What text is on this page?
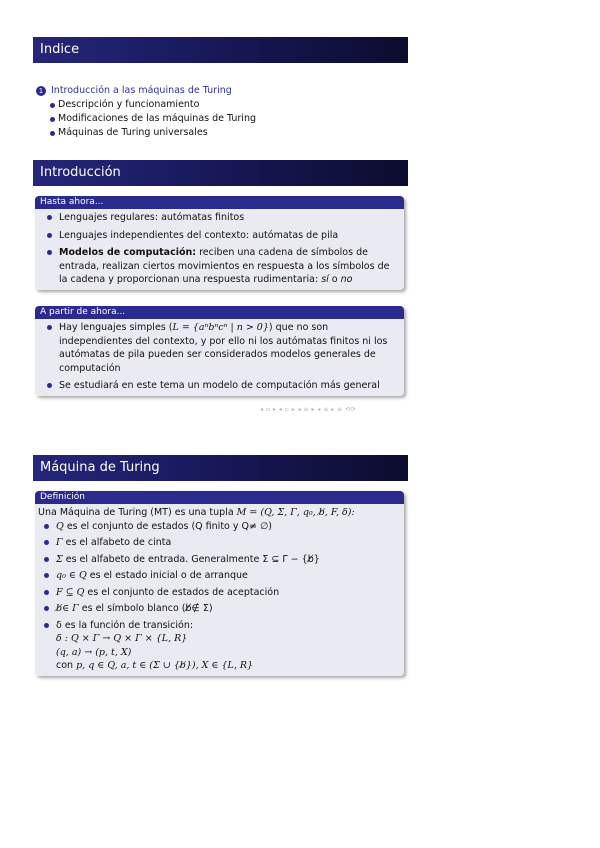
Indice
1 Introducción a las máquinas de Turing
Descripción y funcionamiento
Modificaciones de las máquinas de Turing
Máquinas de Turing universales
Introducción
Hasta ahora...
Lenguajes regulares: autómatas finitos
Lenguajes independientes del contexto: autómatas de pila
Modelos de computación: reciben una cadena de símbolos de entrada, realizan ciertos movimientos en respuesta a los símbolos de la cadena y proporcionan una respuesta rudimentaria: sí o no
A partir de ahora...
Hay lenguajes simples (L = {aⁿbⁿcⁿ | n > 0}) que no son independientes del contexto, y por ello ni los autómatas finitos ni los autómatas de pila pueden ser considerados modelos generales de computación
Se estudiará en este tema un modelo de computación más general
◂ ▫ ▸ ◂ ▫ ▸ ◂ ≡ ▸ ◂ ≡ ▸ ≡ ⟲⟳
Máquina de Turing
Definición
Una Máquina de Turing (MT) es una tupla M = (Q, Σ, Γ, q₀, b̸, F, δ):
Q es el conjunto de estados (Q finito y Q≠ ∅)
Γ es el alfabeto de cinta
Σ es el alfabeto de entrada. Generalmente Σ ⊆ Γ − {b̸}
q₀ ∈ Q es el estado inicial o de arranque
F ⊆ Q es el conjunto de estados de aceptación
b̸∈ Γ es el símbolo blanco (b̸∉ Σ)
δ es la función de transición:
δ : Q × Γ → Q × Γ × {L, R}
(q, a) → (p, t, X)
con p, q ∈ Q, a, t ∈ (Σ ∪ {b̸}), X ∈ {L, R}
